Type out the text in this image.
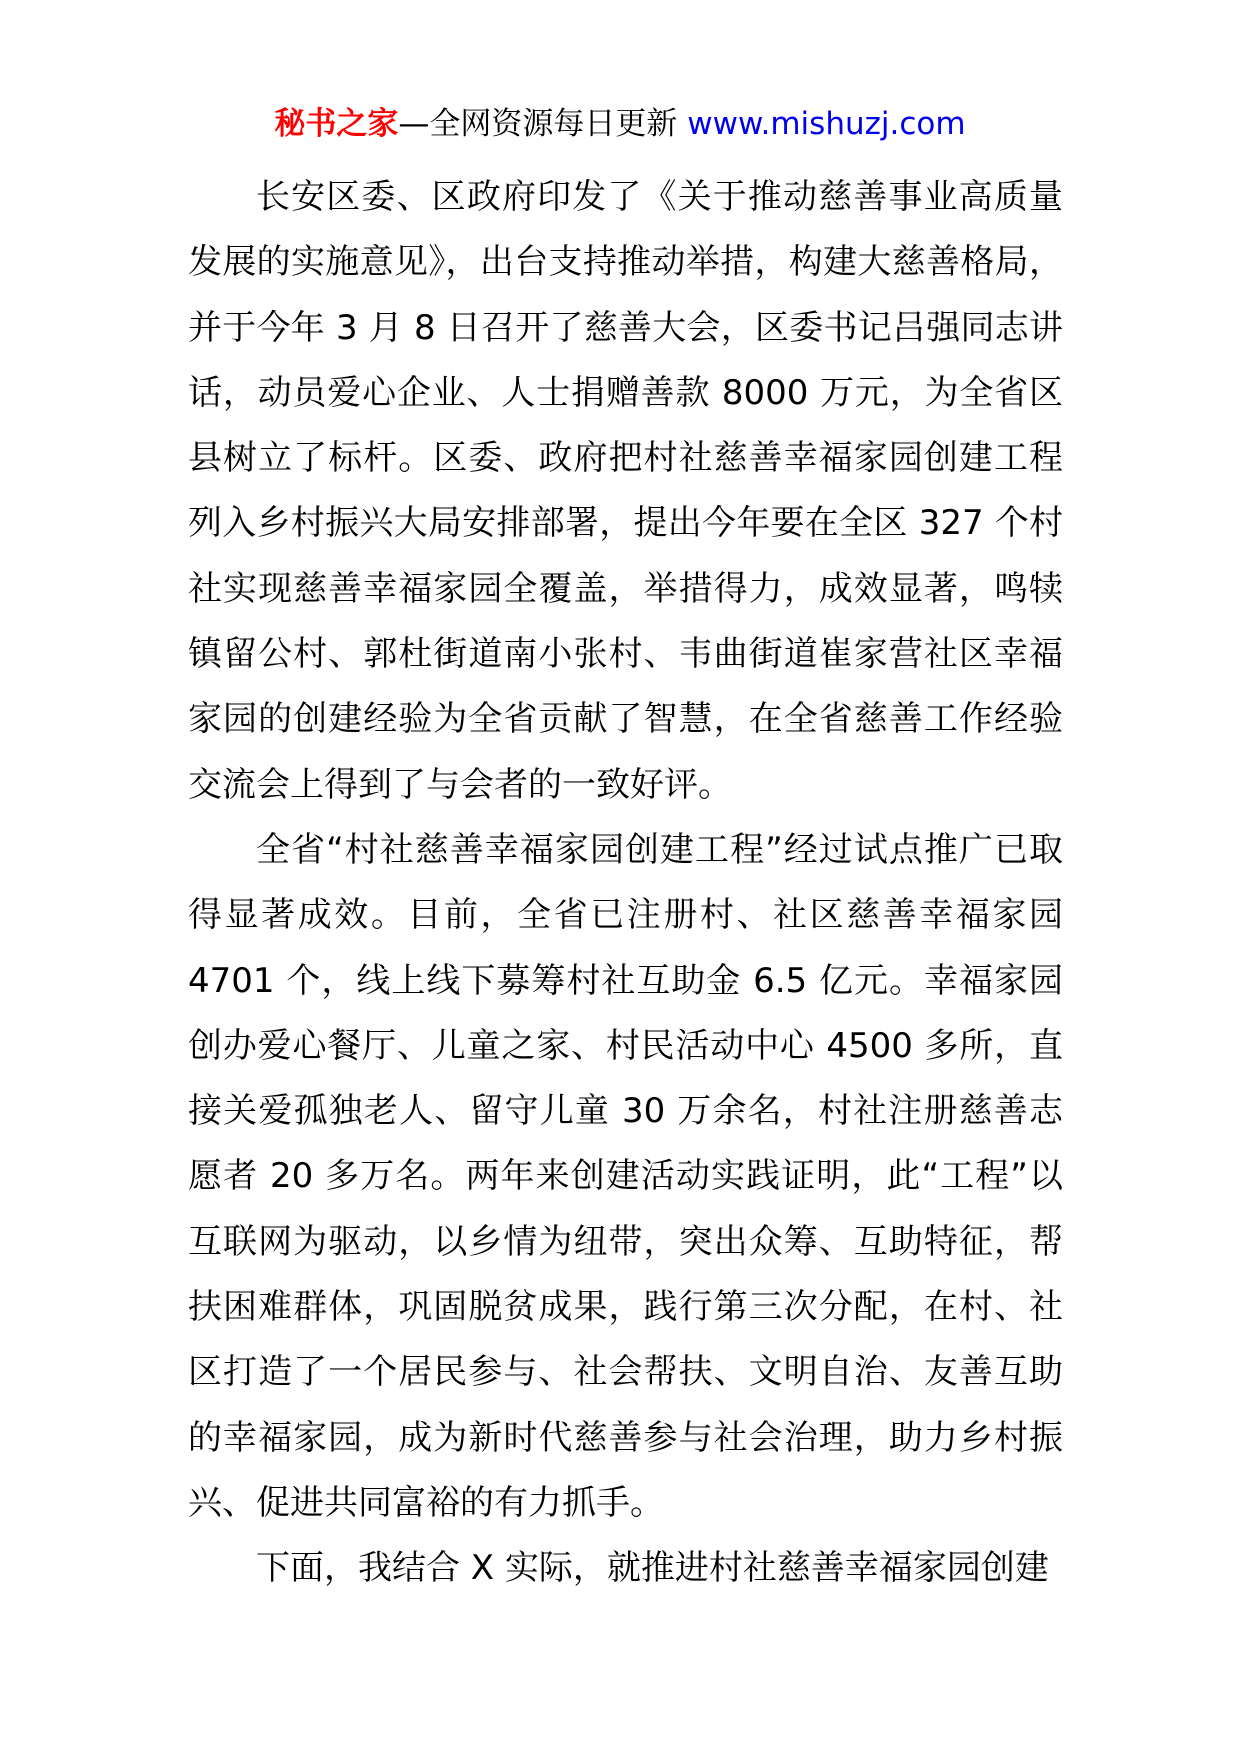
秘书之家—全网资源每日更新 www.mishuzj.com

长安区委、区政府印发了《关于推动慈善事业高质量发展的实施意见》，出台支持推动举措，构建大慈善格局，并于今年 3 月 8 日召开了慈善大会，区委书记吕强同志讲话，动员爱心企业、人士捐赠善款 8000 万元，为全省区县树立了标杆。区委、政府把村社慈善幸福家园创建工程列入乡村振兴大局安排部署，提出今年要在全区 327 个村社实现慈善幸福家园全覆盖，举措得力，成效显著，鸣犊镇留公村、郭杜街道南小张村、韦曲街道崔家营社区幸福家园的创建经验为全省贡献了智慧，在全省慈善工作经验交流会上得到了与会者的一致好评。

全省“村社慈善幸福家园创建工程”经过试点推广已取得显著成效。目前，全省已注册村、社区慈善幸福家园 4701 个，线上线下募筹村社互助金 6.5 亿元。幸福家园创办爱心餐厅、儿童之家、村民活动中心 4500 多所，直接关爱孤独老人、留守儿童 30 万余名，村社注册慈善志愿者 20 多万名。两年来创建活动实践证明，此“工程”以互联网为驱动，以乡情为纽带，突出众筹、互助特征，帮扶困难群体，巩固脱贫成果，践行第三次分配，在村、社区打造了一个居民参与、社会帮扶、文明自治、友善互助的幸福家园，成为新时代慈善参与社会治理，助力乡村振兴、促进共同富裕的有力抓手。

下面，我结合 X 实际，就推进村社慈善幸福家园创建
